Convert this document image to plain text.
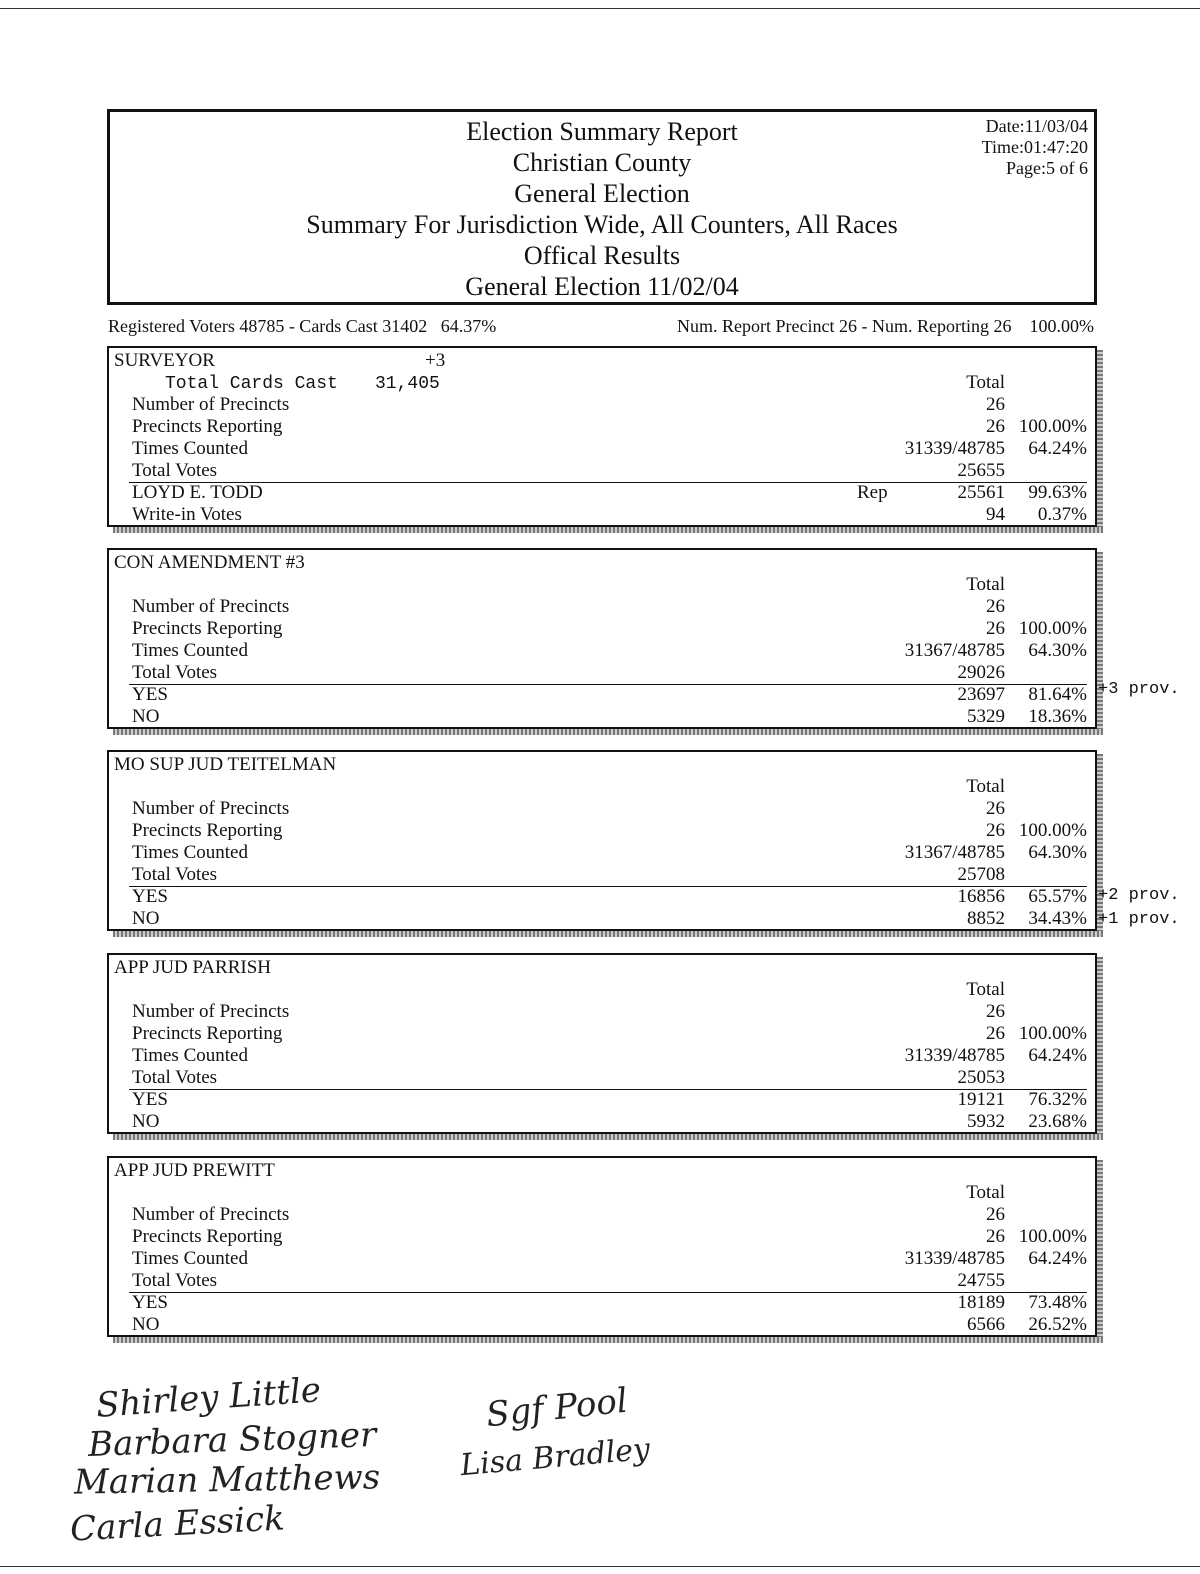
Election Summary Report
Christian County
General Election
Summary For Jurisdiction Wide, All Counters, All Races
Offical Results
General Election 11/02/04
Date:11/03/04
Time:01:47:20
Page:5 of 6
Registered Voters 48785 - Cards Cast 31402   64.37%	Num. Report Precinct 26 - Num. Reporting 26    100.00%
SURVEYOR	+3
Total Cards Cast 31,405	Total
Number of Precincts	26
Precincts Reporting	26 100.00%
Times Counted	31339/48785 64.24%
Total Votes	25655
LOYD E. TODD	Rep	25561 99.63%
Write-in Votes	94 0.37%
CON AMENDMENT #3
Total
Number of Precincts	26
Precincts Reporting	26 100.00%
Times Counted	31367/48785 64.30%
Total Votes	29026
YES	23697 81.64%
NO	5329 18.36%
+3 prov.
MO SUP JUD TEITELMAN
Total
Number of Precincts	26
Precincts Reporting	26 100.00%
Times Counted	31367/48785 64.30%
Total Votes	25708
YES	16856 65.57%
NO	8852 34.43%
+2 prov.
+1 prov.
APP JUD PARRISH
Total
Number of Precincts	26
Precincts Reporting	26 100.00%
Times Counted	31339/48785 64.24%
Total Votes	25053
YES	19121 76.32%
NO	5932 23.68%
APP JUD PREWITT
Total
Number of Precincts	26
Precincts Reporting	26 100.00%
Times Counted	31339/48785 64.24%
Total Votes	24755
YES	18189 73.48%
NO	6566 26.52%
Shirley Little
Barbara Stogner
Marian Matthews
Carla Essick
Sgf Pool
Lisa Bradley
